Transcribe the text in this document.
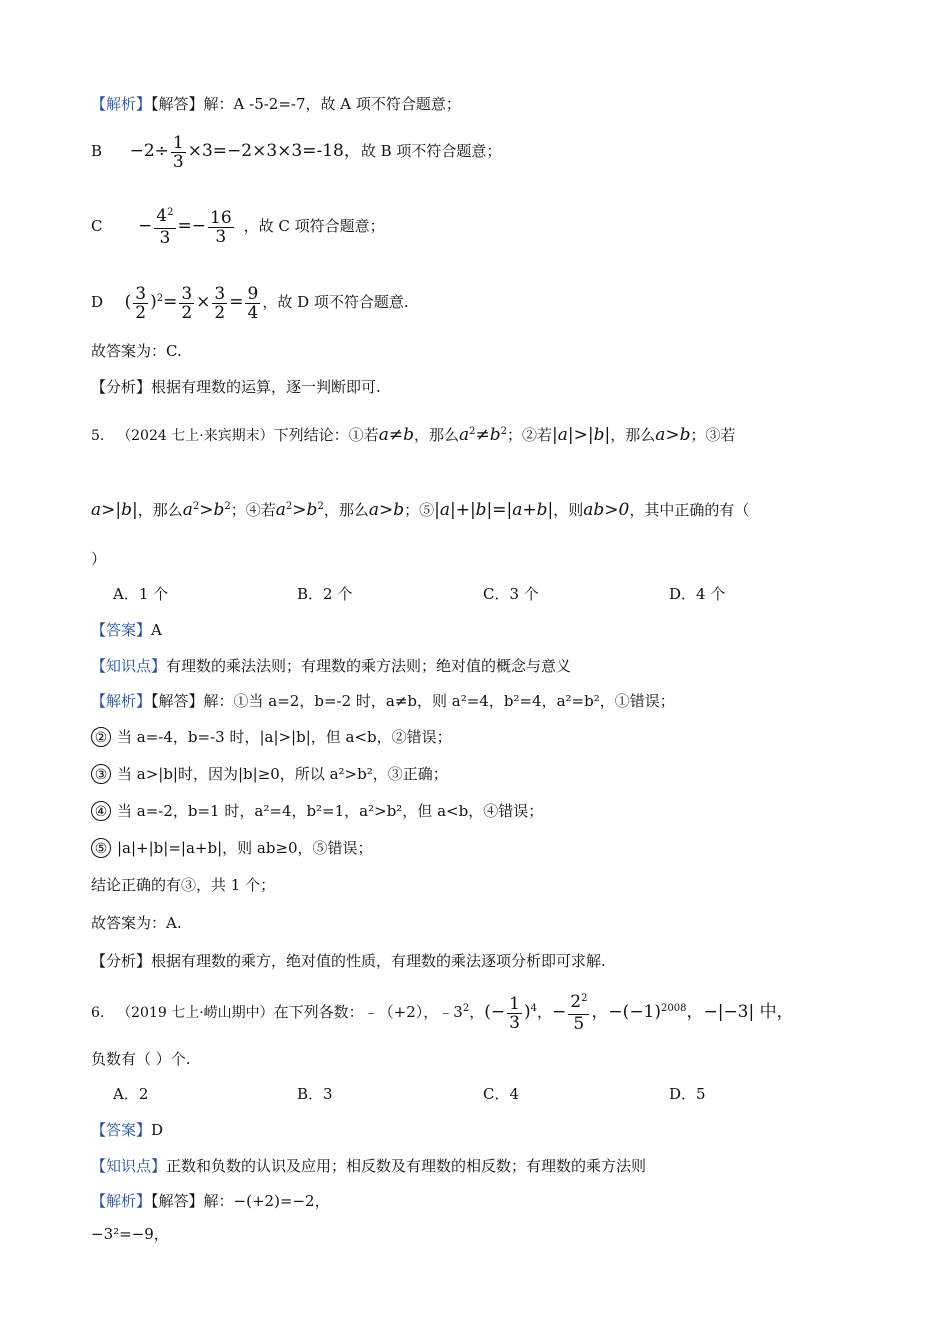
【解析】【解答】解：A -5-2=-7，故 A 项不符合题意；
$B -2\div \frac{1}{3} \times 3=-2\times 3\times 3=-18$，故 B 项不符合题意；
$C - \frac{4^2}{3} =- \frac{16}{3}$ ，故 C 项符合题意；
D ( $\frac{3}{2} )^2= \frac{3}{2} \times \frac{3}{2} = \frac{9}{4}$ ，故 D 项不符合题意.
故答案为：C.
【分析】根据有理数的运算，逐一判断即可.
5. （2024 七上·来宾期末）下列结论：①若a≠b，那么$a^2\ne b^2$；②若|a|>|b|，那么a>b；③若
a>|b|，那么$a^2>b^2$；④若$a^2>b^2$，那么a>b；⑤|a|+|b|=|a+b|，则ab>0，其中正确的有（
）
A．1 个	B．2 个	C．3 个	D．4 个
【答案】A
【知识点】有理数的乘法法则；有理数的乘方法则；绝对值的概念与意义
【解析】【解答】解：①当 a=2，b=-2 时，a≠b，则 a²=4，b²=4，a²=b²，①错误；
② 当 a=-4，b=-3 时，|a|>|b|，但 a<b，②错误；
③ 当 a>|b|时，因为|b|≥0，所以 a²>b²，③正确；
④ 当 a=-2，b=1 时，a²=4，b²=1，a²>b²，但 a<b，④错误；
⑤ |a|+|b|=|a+b|，则 ab≥0，⑤错误；
结论正确的有③，共 1 个；
故答案为：A.
【分析】根据有理数的乘方，绝对值的性质，有理数的乘法逐项分析即可求解.
6. （2019 七上·崂山期中）在下列各数：﹣（+2），$﹣3^2$，(− $\frac{1}{3} )^4$，− $\frac{2^2}{5}$ ，$-(-1)^{2008}$，−|−3| 中，
负数有（ ）个.
A．2	B．3	C．4	D．5
【答案】D
【知识点】正数和负数的认识及应用；相反数及有理数的相反数；有理数的乘方法则
【解析】【解答】解：−(+2)=−2，
−3²=−9，
